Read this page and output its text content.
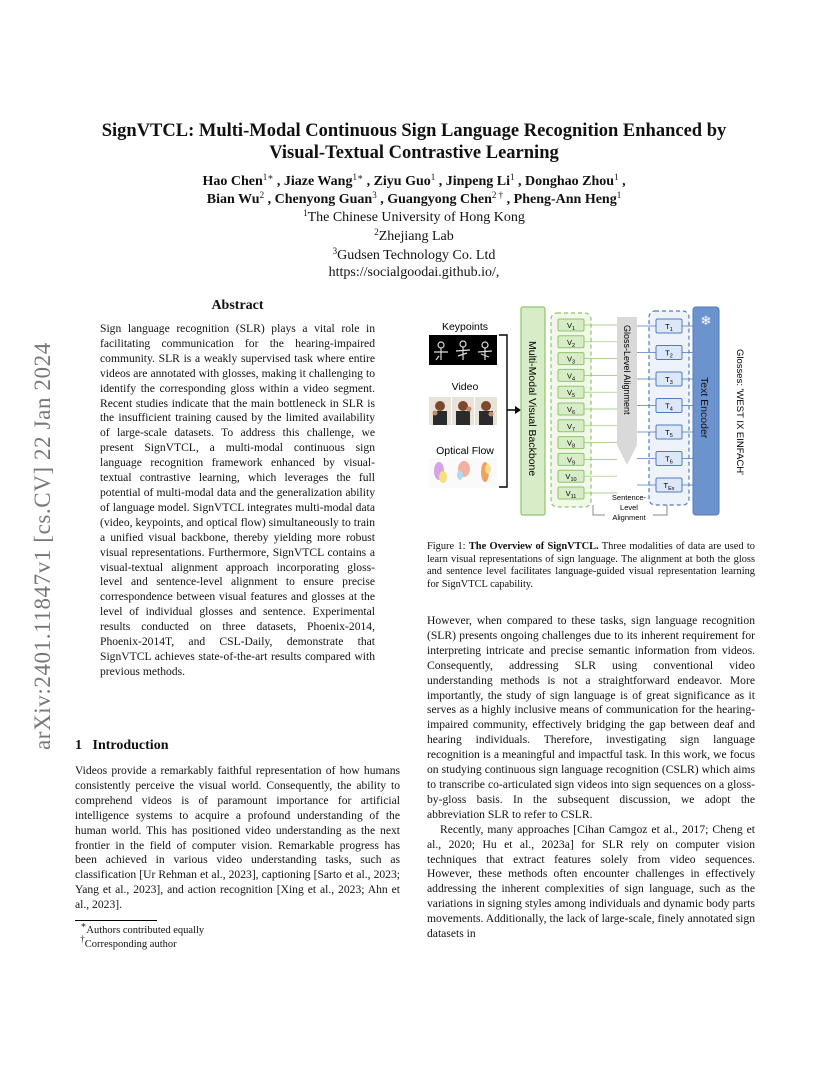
SignVTCL: Multi-Modal Continuous Sign Language Recognition Enhanced by
Visual-Textual Contrastive Learning
Hao Chen$^{1∗}$ , Jiaze Wang$^{1∗}$ , Ziyu Guo$^1$ , Jinpeng Li$^1$ , Donghao Zhou$^1$ ,
Bian Wu$^2$ , Chenyong Guan$^3$ , Guangyong Chen$^{2 \dagger}$ , Pheng-Ann Heng$^1$
$^1$The Chinese University of Hong Kong
$^2$Zhejiang Lab
$^3$Gudsen Technology Co. Ltd
https://socialgoodai.github.io/,
arXiv:2401.11847v1 [cs.CV] 22 Jan 2024
Abstract
Sign language recognition (SLR) plays a vital role in facilitating communication for the hearing-impaired community. SLR is a weakly supervised task where entire videos are annotated with glosses, making it challenging to identify the corresponding gloss within a video segment. Recent studies indicate that the main bottleneck in SLR is the insufficient training caused by the limited availability of large-scale datasets. To address this challenge, we present SignVTCL, a multi-modal continuous sign language recognition framework enhanced by visual-textual contrastive learning, which leverages the full potential of multi-modal data and the generalization ability of language model. SignVTCL integrates multi-modal data (video, keypoints, and optical flow) simultaneously to train a unified visual backbone, thereby yielding more robust visual representations. Furthermore, SignVTCL contains a visual-textual alignment approach incorporating gloss-level and sentence-level alignment to ensure precise correspondence between visual features and glosses at the level of individual glosses and sentence. Experimental results conducted on three datasets, Phoenix-2014, Phoenix-2014T, and CSL-Daily, demonstrate that SignVTCL achieves state-of-the-art results compared with previous methods.
1 Introduction
Videos provide a remarkably faithful representation of how humans consistently perceive the visual world. Consequently, the ability to comprehend videos is of paramount importance for artificial intelligence systems to acquire a profound understanding of the human world. This has positioned video understanding as the next frontier in the field of computer vision. Remarkable progress has been achieved in various video understanding tasks, such as classification [Ur Rehman et al., 2023], captioning [Sarto et al., 2023; Yang et al., 2023], and action recognition [Xing et al., 2023; Ahn et al., 2023].
∗Authors contributed equally
†Corresponding author
Keypoints
Video
Optical Flow	Multi-Modal Visual Backbone
$V_1$
$V_2$
$V_3$
$V_4$
$V_5$
$V_6$
$V_7$
$V_8$
$V_9$
$V_{10}$
$V_{11}$
Gloss-Level Alignment
Sentence-
Level
Alignment
$T_1$
$T_2$
$T_3$
$T_4$
$T_5$
$T_6$
$T_{Ex}$
❄
Text Encoder	Glosses: 'WEST IX EINFACH'
Figure 1: The Overview of SignVTCL. Three modalities of data are used to learn visual representations of sign language. The alignment at both the gloss and sentence level facilitates language-guided visual representation learning for SignVTCL capability.

However, when compared to these tasks, sign language recognition (SLR) presents ongoing challenges due to its inherent requirement for interpreting intricate and precise semantic information from videos. Consequently, addressing SLR using conventional video understanding methods is not a straightforward endeavor. More importantly, the study of sign language is of great significance as it serves as a highly inclusive means of communication for the hearing-impaired community, effectively bridging the gap between deaf and hearing individuals. Therefore, investigating sign language recognition is a meaningful and impactful task. In this work, we focus on studying continuous sign language recognition (CSLR) which aims to transcribe co-articulated sign videos into sign sequences on a gloss-by-gloss basis. In the subsequent discussion, we adopt the abbreviation SLR to refer to CSLR.

Recently, many approaches [Cihan Camgoz et al., 2017; Cheng et al., 2020; Hu et al., 2023a] for SLR rely on computer vision techniques that extract features solely from video sequences. However, these methods often encounter challenges in effectively addressing the inherent complexities of sign language, such as the variations in signing styles among individuals and dynamic body parts movements. Additionally, the lack of large-scale, finely annotated sign datasets in
